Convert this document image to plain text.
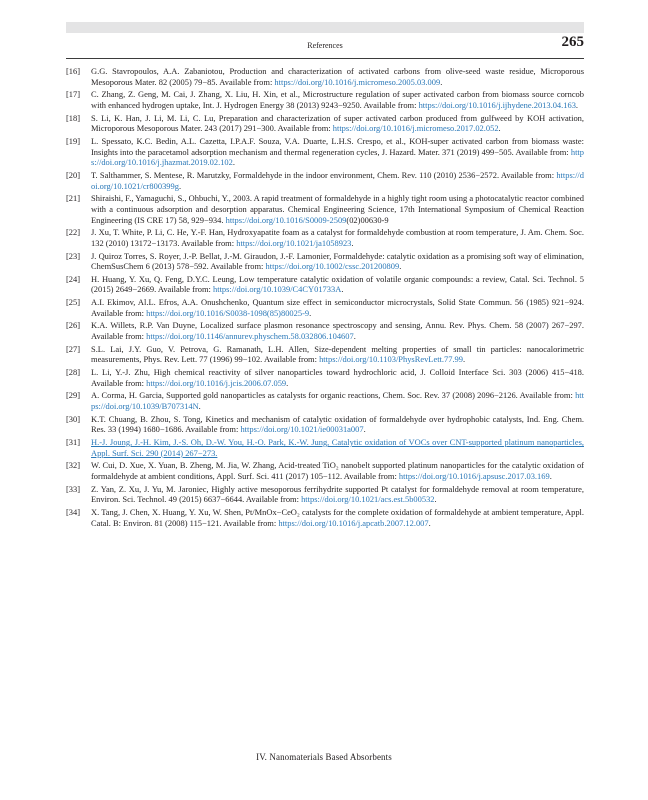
References	265
[16] G.G. Stavropoulos, A.A. Zabaniotou, Production and characterization of activated carbons from olive-seed waste residue, Microporous Mesoporous Mater. 82 (2005) 79−85. Available from: https://doi.org/10.1016/j.micromeso.2005.03.009.
[17] C. Zhang, Z. Geng, M. Cai, J. Zhang, X. Liu, H. Xin, et al., Microstructure regulation of super activated carbon from biomass source corncob with enhanced hydrogen uptake, Int. J. Hydrogen Energy 38 (2013) 9243−9250. Available from: https://doi.org/10.1016/j.ijhydene.2013.04.163.
[18] S. Li, K. Han, J. Li, M. Li, C. Lu, Preparation and characterization of super activated carbon produced from gulfweed by KOH activation, Microporous Mesoporous Mater. 243 (2017) 291−300. Available from: https://doi.org/10.1016/j.micromeso.2017.02.052.
[19] L. Spessato, K.C. Bedin, A.L. Cazetta, I.P.A.F. Souza, V.A. Duarte, L.H.S. Crespo, et al., KOH-super activated carbon from biomass waste: Insights into the paracetamol adsorption mechanism and thermal regeneration cycles, J. Hazard. Mater. 371 (2019) 499−505. Available from: https://doi.org/10.1016/j.jhazmat.2019.02.102.
[20] T. Salthammer, S. Mentese, R. Marutzky, Formaldehyde in the indoor environment, Chem. Rev. 110 (2010) 2536−2572. Available from: https://doi.org/10.1021/cr800399g.
[21] Shiraishi, F., Yamaguchi, S., Ohbuchi, Y., 2003. A rapid treatment of formaldehyde in a highly tight room using a photocatalytic reactor combined with a continuous adsorption and desorption apparatus. Chemical Engineering Science, 17th International Symposium of Chemical Reaction Engineering (IS CRE 17) 58, 929−934. https://doi.org/10.1016/S0009-2509(02)00630-9
[22] J. Xu, T. White, P. Li, C. He, Y.-F. Han, Hydroxyapatite foam as a catalyst for formaldehyde combustion at room temperature, J. Am. Chem. Soc. 132 (2010) 13172−13173. Available from: https://doi.org/10.1021/ja1058923.
[23] J. Quiroz Torres, S. Royer, J.-P. Bellat, J.-M. Giraudon, J.-F. Lamonier, Formaldehyde: catalytic oxidation as a promising soft way of elimination, ChemSusChem 6 (2013) 578−592. Available from: https://doi.org/10.1002/cssc.201200809.
[24] H. Huang, Y. Xu, Q. Feng, D.Y.C. Leung, Low temperature catalytic oxidation of volatile organic compounds: a review, Catal. Sci. Technol. 5 (2015) 2649−2669. Available from: https://doi.org/10.1039/C4CY01733A.
[25] A.I. Ekimov, Al.L. Efros, A.A. Onushchenko, Quantum size effect in semiconductor microcrystals, Solid State Commun. 56 (1985) 921−924. Available from: https://doi.org/10.1016/S0038-1098(85)80025-9.
[26] K.A. Willets, R.P. Van Duyne, Localized surface plasmon resonance spectroscopy and sensing, Annu. Rev. Phys. Chem. 58 (2007) 267−297. Available from: https://doi.org/10.1146/annurev.physchem.58.032806.104607.
[27] S.L. Lai, J.Y. Guo, V. Petrova, G. Ramanath, L.H. Allen, Size-dependent melting properties of small tin particles: nanocalorimetric measurements, Phys. Rev. Lett. 77 (1996) 99−102. Available from: https://doi.org/10.1103/PhysRevLett.77.99.
[28] L. Li, Y.-J. Zhu, High chemical reactivity of silver nanoparticles toward hydrochloric acid, J. Colloid Interface Sci. 303 (2006) 415−418. Available from: https://doi.org/10.1016/j.jcis.2006.07.059.
[29] A. Corma, H. Garcia, Supported gold nanoparticles as catalysts for organic reactions, Chem. Soc. Rev. 37 (2008) 2096−2126. Available from: https://doi.org/10.1039/B707314N.
[30] K.T. Chuang, B. Zhou, S. Tong, Kinetics and mechanism of catalytic oxidation of formaldehyde over hydrophobic catalysts, Ind. Eng. Chem. Res. 33 (1994) 1680−1686. Available from: https://doi.org/10.1021/ie00031a007.
[31] H.-J. Joung, J.-H. Kim, J.-S. Oh, D.-W. You, H.-O. Park, K.-W. Jung, Catalytic oxidation of VOCs over CNT-supported platinum nanoparticles, Appl. Surf. Sci. 290 (2014) 267−273.
[32] W. Cui, D. Xue, X. Yuan, B. Zheng, M. Jia, W. Zhang, Acid-treated TiO₂ nanobelt supported platinum nanoparticles for the catalytic oxidation of formaldehyde at ambient conditions, Appl. Surf. Sci. 411 (2017) 105−112. Available from: https://doi.org/10.1016/j.apsusc.2017.03.169.
[33] Z. Yan, Z. Xu, J. Yu, M. Jaroniec, Highly active mesoporous ferrihydrite supported Pt catalyst for formaldehyde removal at room temperature, Environ. Sci. Technol. 49 (2015) 6637−6644. Available from: https://doi.org/10.1021/acs.est.5b00532.
[34] X. Tang, J. Chen, X. Huang, Y. Xu, W. Shen, Pt/MnOx−CeO₂ catalysts for the complete oxidation of formaldehyde at ambient temperature, Appl. Catal. B: Environ. 81 (2008) 115−121. Available from: https://doi.org/10.1016/j.apcatb.2007.12.007.
IV. Nanomaterials Based Absorbents
